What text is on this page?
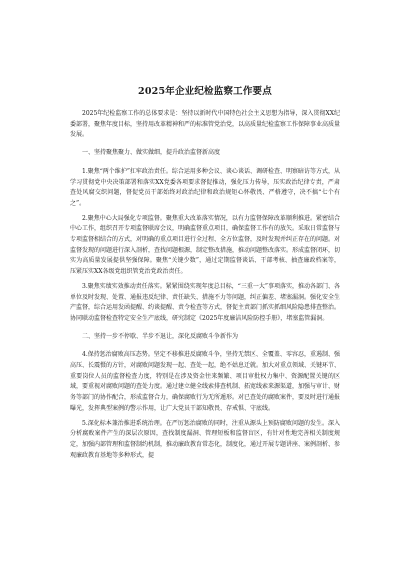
2025年企业纪检监察工作要点

2025年纪检监察工作的总体要求是：坚持以新时代中国特色社会主义思想为指导，深入贯彻XX纪委部署，聚焦年度目标，坚持用改革精神和严的标准管党治党，以高质量纪检监察工作保障事业高质量发展。

一、坚持聚焦聚力、做实做细，提升政治监督新高度

1.聚焦“两个维护”扛牢政治责任。综合运用多种会议、谈心谈话、调研检查、明察暗访等方式，从学习贯彻党中央决策部署和落实XX党委各项要求督促推动，强化压力传导，压实政治纪律专责，严肃查处风腐交织问题，督促党员干部始终对政治纪律和政治规矩心怀敬畏、严格遵守，决不搞“七个有之”。

2.聚焦中心大局强化专项监督。聚焦重大改革落实情况，以有力监督保障改革顺利推进。紧密结合中心工作，组织召开专项监督联席会议，明确监督重点项目，确保监督工作有的放矢。采取日常监督与专项监督相结合的方式，对明确的重点项目进行全过程、全方位监督，及时发现并纠正存在的问题。对监督发现的问题进行深入剖析，查找问题根源，制定整改措施，推动问题整改落实。形成监督闭环，切实为高质量发展提供坚强保障。聚焦“关键少数”，通过定期监督谈话、干部考核、抽查廉政档案等，压紧压实XX各级党组织管党治党政治责任。

3.聚焦实绩实效推动责任落实。紧紧围绕实现年度总目标，“三重一大”事项落实，推动各部门、各单位及时发现、处置、通报违反纪律、责任缺失、措施不力等问题，纠正偏差、堵塞漏洞。强化安全生产监督，综合运用发函提醒、约谈提醒、责令检查等方式，督促主责部门抓实抓细风险隐患排查整治。协同联动监督检查特定安全生产底线，研究制定《2025年度廉洁风险防控手册》，堵塞监管漏洞。

二、坚持一步不停歇、半步不退让，深化反腐败斗争新作为

4.保持惩治腐败高压态势。坚定不移推进反腐败斗争，坚持无禁区、全覆盖、零容忍，重遏制、强高压、长震慑的方针，对腐败问题发现一起、查处一起，绝不姑息迁就。加大对重点领域、关键环节、重要岗位人员的监督检查力度，特别是在涉及资金往来频繁、项目审批权力集中、资源配置关键的区域，要重视对腐败问题的查处力度。通过建立健全线索排查机制、拓宽线索来源渠道，加强与审计、财务等部门的协作配合，形成监督合力，确保腐败行为无所遁形。对已查处的腐败案件，要及时进行通报曝光，发挥典型案例的警示作用，让广大党员干部知敬畏、存戒惧、守底线。

5.深化标本兼治推进系统治理。在严厉惩治腐败的同时，注重从源头上预防腐败问题的发生。深入分析腐败案件产生的深层次原因，查找制度漏洞、管理短板和监督盲区，有针对性地完善相关制度规定，加强内部管理和监督制约机制，推动廉政教育常态化，制度化，通过开展专题讲座、案例剖析、参观廉政教育基地等多种形式，提
